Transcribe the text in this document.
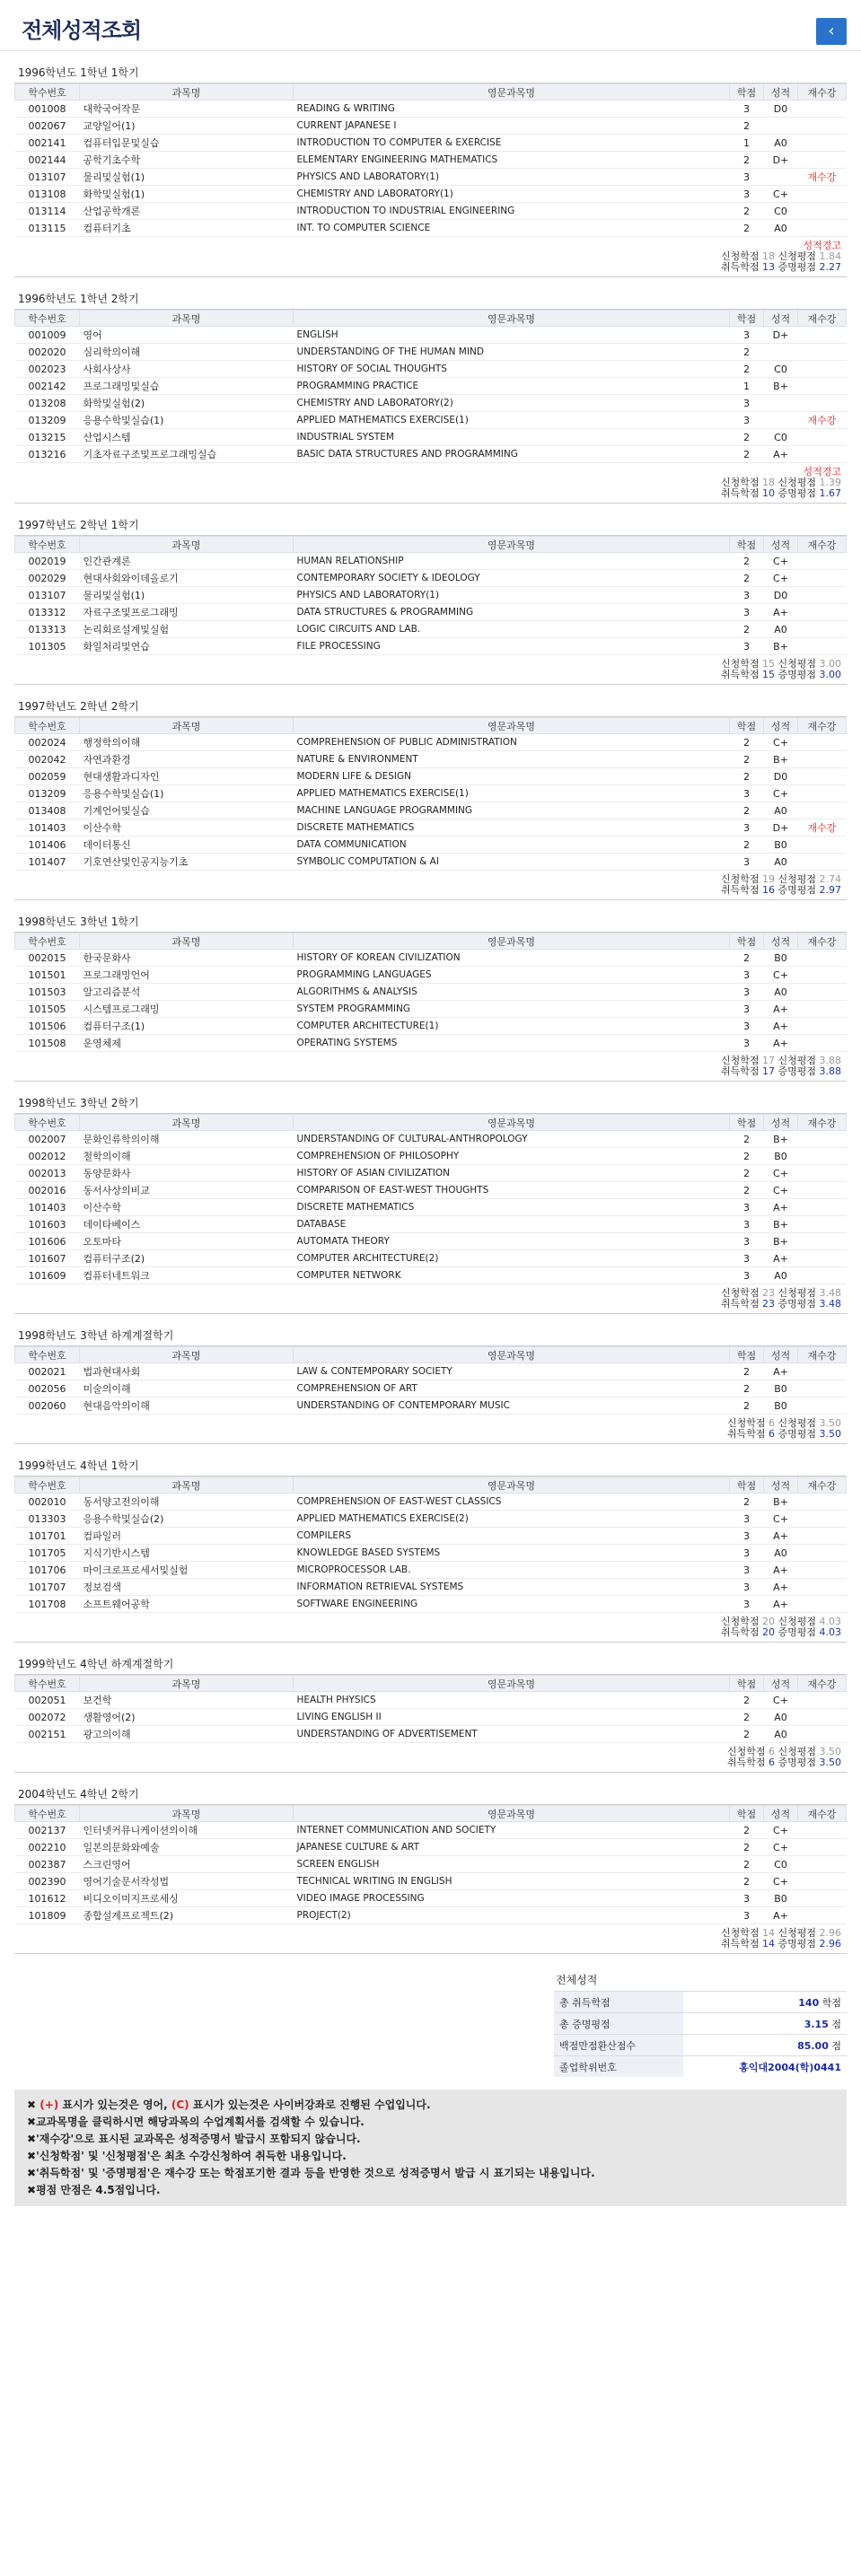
전체성적조회	‹
1996학년도 1학년 1학기
학수번호	과목명	영문과목명	학점	성적	재수강
001008	대학국어작문	READING & WRITING	3	D0	
002067	교양일어(1)	CURRENT JAPANESE I	2		
002141	컴퓨터입문및실습	INTRODUCTION TO COMPUTER & EXERCISE	1	A0	
002144	공학기초수학	ELEMENTARY ENGINEERING MATHEMATICS	2	D+	
013107	물리및실험(1)	PHYSICS AND LABORATORY(1)	3		재수강
013108	화학및실험(1)	CHEMISTRY AND LABORATORY(1)	3	C+	
013114	산업공학개론	INTRODUCTION TO INDUSTRIAL ENGINEERING	2	C0	
013115	컴퓨터기초	INT. TO COMPUTER SCIENCE	2	A0	
성적경고
신청학점 18 신청평점 1.84
취득학점 13 증명평점 2.27
1996학년도 1학년 2학기
학수번호	과목명	영문과목명	학점	성적	재수강
001009	영어	ENGLISH	3	D+	
002020	심리학의이해	UNDERSTANDING OF THE HUMAN MIND	2		
002023	사회사상사	HISTORY OF SOCIAL THOUGHTS	2	C0	
002142	프로그래밍및실습	PROGRAMMING PRACTICE	1	B+	
013208	화학및실험(2)	CHEMISTRY AND LABORATORY(2)	3		
013209	응용수학및실습(1)	APPLIED MATHEMATICS EXERCISE(1)	3		재수강
013215	산업시스템	INDUSTRIAL SYSTEM	2	C0	
013216	기초자료구조및프로그래밍실습	BASIC DATA STRUCTURES AND PROGRAMMING	2	A+	
성적경고
신청학점 18 신청평점 1.39
취득학점 10 증명평점 1.67
1997학년도 2학년 1학기
학수번호	과목명	영문과목명	학점	성적	재수강
002019	인간관계론	HUMAN RELATIONSHIP	2	C+	
002029	현대사회와이데올로기	CONTEMPORARY SOCIETY & IDEOLOGY	2	C+	
013107	물리및실험(1)	PHYSICS AND LABORATORY(1)	3	D0	
013312	자료구조및프로그래밍	DATA STRUCTURES & PROGRAMMING	3	A+	
013313	논리회로설계및실험	LOGIC CIRCUITS AND LAB.	2	A0	
101305	화일처리및연습	FILE PROCESSING	3	B+	
신청학점 15 신청평점 3.00
취득학점 15 증명평점 3.00
1997학년도 2학년 2학기
학수번호	과목명	영문과목명	학점	성적	재수강
002024	행정학의이해	COMPREHENSION OF PUBLIC ADMINISTRATION	2	C+	
002042	자연과환경	NATURE & ENVIRONMENT	2	B+	
002059	현대생활과디자인	MODERN LIFE & DESIGN	2	D0	
013209	응용수학및실습(1)	APPLIED MATHEMATICS EXERCISE(1)	3	C+	
013408	기계언어및실습	MACHINE LANGUAGE PROGRAMMING	2	A0	
101403	이산수학	DISCRETE MATHEMATICS	3	D+	재수강
101406	데이터통신	DATA COMMUNICATION	2	B0	
101407	기호연산및인공지능기초	SYMBOLIC COMPUTATION & AI	3	A0	
신청학점 19 신청평점 2.74
취득학점 16 증명평점 2.97
1998학년도 3학년 1학기
학수번호	과목명	영문과목명	학점	성적	재수강
002015	한국문화사	HISTORY OF KOREAN CIVILIZATION	2	B0	
101501	프로그래밍언어	PROGRAMMING LANGUAGES	3	C+	
101503	알고리즘분석	ALGORITHMS & ANALYSIS	3	A0	
101505	시스템프로그래밍	SYSTEM PROGRAMMING	3	A+	
101506	컴퓨터구조(1)	COMPUTER ARCHITECTURE(1)	3	A+	
101508	운영체제	OPERATING SYSTEMS	3	A+	
신청학점 17 신청평점 3.88
취득학점 17 증명평점 3.88
1998학년도 3학년 2학기
학수번호	과목명	영문과목명	학점	성적	재수강
002007	문화인류학의이해	UNDERSTANDING OF CULTURAL-ANTHROPOLOGY	2	B+	
002012	철학의이해	COMPREHENSION OF PHILOSOPHY	2	B0	
002013	동양문화사	HISTORY OF ASIAN CIVILIZATION	2	C+	
002016	동서사상의비교	COMPARISON OF EAST-WEST THOUGHTS	2	C+	
101403	이산수학	DISCRETE MATHEMATICS	3	A+	
101603	데이타베이스	DATABASE	3	B+	
101606	오토마타	AUTOMATA THEORY	3	B+	
101607	컴퓨터구조(2)	COMPUTER ARCHITECTURE(2)	3	A+	
101609	컴퓨터네트워크	COMPUTER NETWORK	3	A0	
신청학점 23 신청평점 3.48
취득학점 23 증명평점 3.48
1998학년도 3학년 하계계절학기
학수번호	과목명	영문과목명	학점	성적	재수강
002021	법과현대사회	LAW & CONTEMPORARY SOCIETY	2	A+	
002056	미술의이해	COMPREHENSION OF ART	2	B0	
002060	현대음악의이해	UNDERSTANDING OF CONTEMPORARY MUSIC	2	B0	
신청학점 6 신청평점 3.50
취득학점 6 증명평점 3.50
1999학년도 4학년 1학기
학수번호	과목명	영문과목명	학점	성적	재수강
002010	동서양고전의이해	COMPREHENSION OF EAST-WEST CLASSICS	2	B+	
013303	응용수학및실습(2)	APPLIED MATHEMATICS EXERCISE(2)	3	C+	
101701	컴파일러	COMPILERS	3	A+	
101705	지식기반시스템	KNOWLEDGE BASED SYSTEMS	3	A0	
101706	마이크로프로세서및실험	MICROPROCESSOR LAB.	3	A+	
101707	정보검색	INFORMATION RETRIEVAL SYSTEMS	3	A+	
101708	소프트웨어공학	SOFTWARE ENGINEERING	3	A+	
신청학점 20 신청평점 4.03
취득학점 20 증명평점 4.03
1999학년도 4학년 하계계절학기
학수번호	과목명	영문과목명	학점	성적	재수강
002051	보건학	HEALTH PHYSICS	2	C+	
002072	생활영어(2)	LIVING ENGLISH II	2	A0	
002151	광고의이해	UNDERSTANDING OF ADVERTISEMENT	2	A0	
신청학점 6 신청평점 3.50
취득학점 6 증명평점 3.50
2004학년도 4학년 2학기
학수번호	과목명	영문과목명	학점	성적	재수강
002137	인터넷커뮤니케이션의이해	INTERNET COMMUNICATION AND SOCIETY	2	C+	
002210	일본의문화와예술	JAPANESE CULTURE & ART	2	C+	
002387	스크린영어	SCREEN ENGLISH	2	C0	
002390	영어기술문서작성법	TECHNICAL WRITING IN ENGLISH	2	C+	
101612	비디오이미지프로세싱	VIDEO IMAGE PROCESSING	3	B0	
101809	종합설계프로젝트(2)	PROJECT(2)	3	A+	
신청학점 14 신청평점 2.96
취득학점 14 증명평점 2.96
전체성적
총 취득학점	140 학점
총 증명평점	3.15 점
백점만점환산점수	85.00 점
졸업학위번호	홍익대2004(학)0441
✖ (+) 표시가 있는것은 영어, (C) 표시가 있는것은 사이버강좌로 진행된 수업입니다.
✖ 교과목명을 클릭하시면 해당과목의 수업계획서를 검색할 수 있습니다.
✖ '재수강'으로 표시된 교과목은 성적증명서 발급시 포함되지 않습니다.
✖ '신청학점' 및 '신청평점'은 최초 수강신청하여 취득한 내용입니다.
✖ '취득학점' 및 '증명평점'은 재수강 또는 학점포기한 결과 등을 반영한 것으로 성적증명서 발급 시 표기되는 내용입니다.
✖ 평점 만점은 4.5점입니다.
